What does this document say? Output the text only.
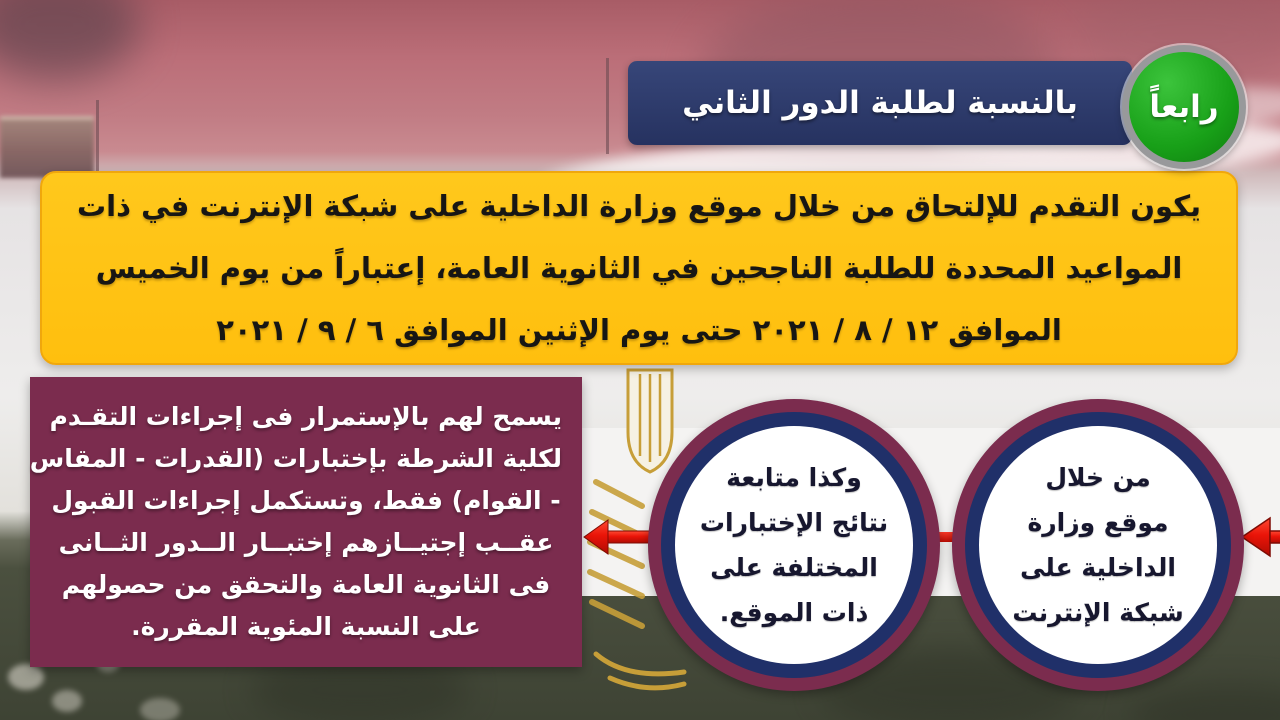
بالنسبة لطلبة الدور الثاني رابعاً
يكون التقدم للإلتحاق من خلال موقع وزارة الداخلية على شبكة الإنترنت في ذات
المواعيد المحددة للطلبة الناجحين في الثانوية العامة، إعتباراً من يوم الخميس
الموافق ١٢ / ٨ / ٢٠٢١ حتى يوم الإثنين الموافق ٦ / ٩ / ٢٠٢١
يسمح لهم بالإستمرار فى إجراءات التقـدم
لكلية الشرطة بإختبارات (القدرات - المقاس
- القوام) فقط، وتستكمل إجراءات القبول
عقــب إجتيــازهم إختبــار الــدور الثــانى
فى الثانوية العامة والتحقق من حصولهم
على النسبة المئوية المقررة.
وكذا متابعة
نتائج الإختبارات
المختلفة على
ذات الموقع.
من خلال
موقع وزارة
الداخلية على
شبكة الإنترنت
